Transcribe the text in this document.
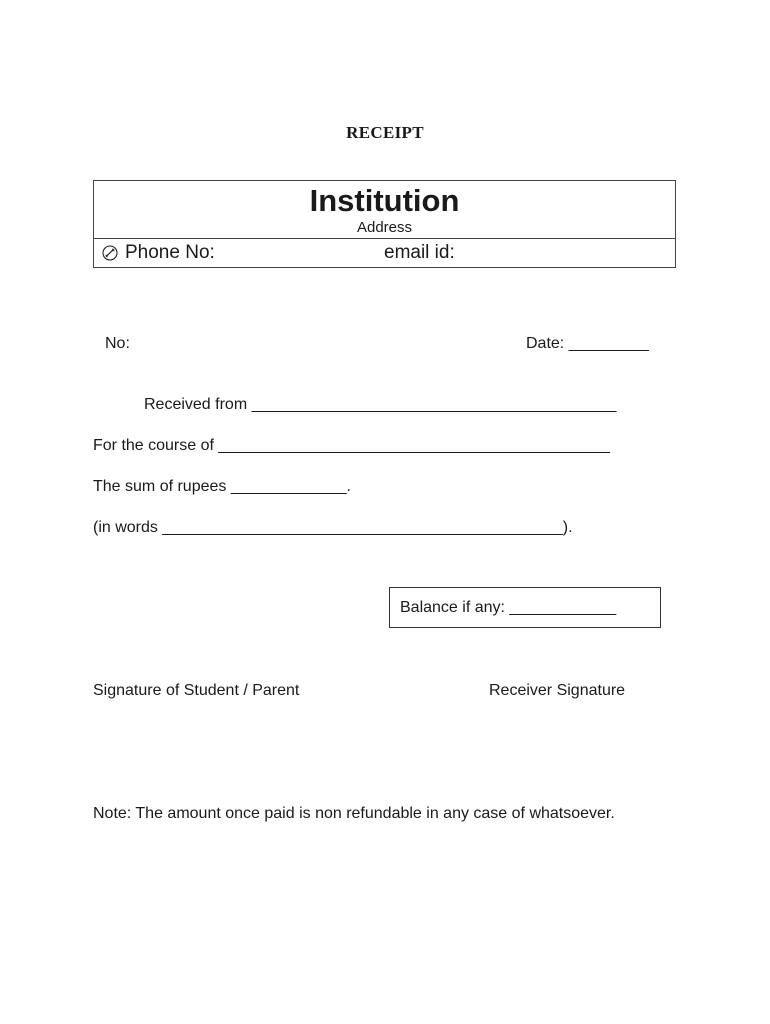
RECEIPT
Institution
Address
Phone No:	email id:
No:	Date: _________
Received from _________________________________________
For the course of ____________________________________________
The sum of rupees _____________.
(in words _____________________________________________).
Balance if any: ____________
Signature of Student / Parent	Receiver Signature
Note: The amount once paid is non refundable in any case of whatsoever.
